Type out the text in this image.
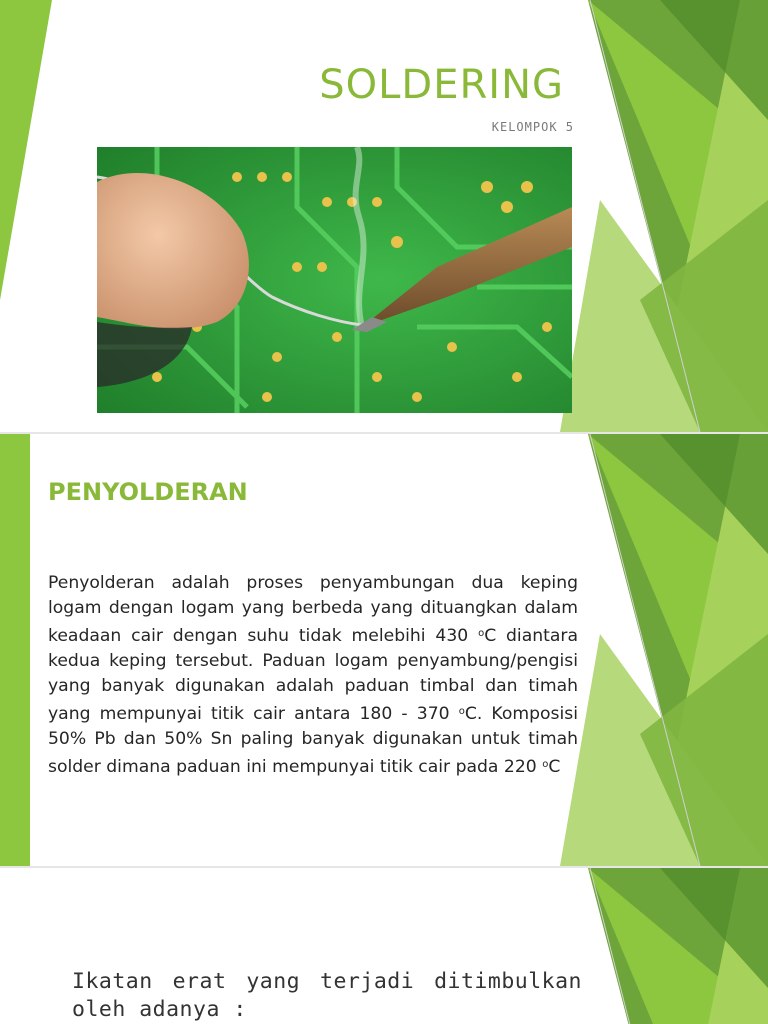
SOLDERING
KELOMPOK 5
PENYOLDERAN
Penyolderan adalah proses penyambungan dua keping logam dengan logam yang berbeda yang dituangkan dalam keadaan cair dengan suhu tidak melebihi 430 $^o$C diantara kedua keping tersebut. Paduan logam penyambung/pengisi yang banyak digunakan adalah paduan timbal dan timah yang mempunyai titik cair antara 180 - 370 $^o$C. Komposisi 50% Pb dan 50% Sn paling banyak digunakan untuk timah solder dimana paduan ini mempunyai titik cair pada 220 $^o$C
Ikatan erat yang terjadi ditimbulkan oleh adanya :
